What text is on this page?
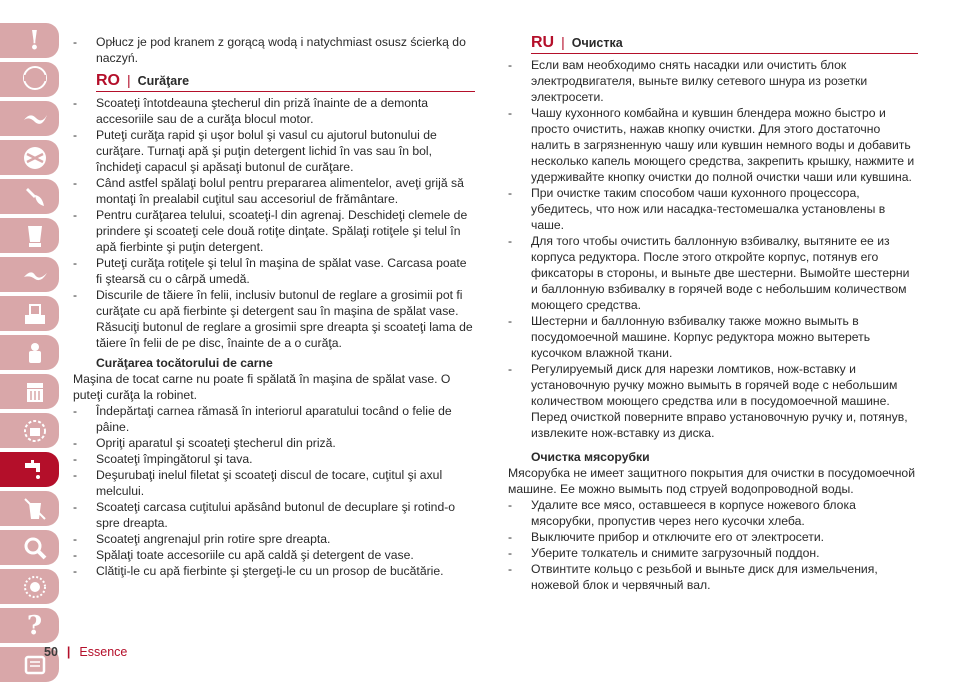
!
?
- Opłucz je pod kranem z gorącą wodą i natychmiast osusz ścierką do naczyń.
RO | Curăţare
- Scoateţi întotdeauna ştecherul din priză înainte de a demonta accesoriile sau de a curăţa blocul motor.
- Puteţi curăţa rapid şi uşor bolul şi vasul cu ajutorul butonului de curăţare. Turnaţi apă şi puţin detergent lichid în vas sau în bol, închideţi capacul şi apăsaţi butonul de curăţare.
- Când astfel spălaţi bolul pentru prepararea alimentelor, aveţi grijă să montaţi în prealabil cuţitul sau accesoriul de frământare.
- Pentru curăţarea telului, scoateţi-l din agrenaj. Deschideţi clemele de prindere şi scoateţi cele două rotiţe dinţate. Spălaţi rotiţele şi telul în apă fierbinte şi puţin detergent.
- Puteţi curăţa rotiţele şi telul în maşina de spălat vase. Carcasa poate fi ştearsă cu o cârpă umedă.
- Discurile de tăiere în felii, inclusiv butonul de reglare a grosimii pot fi curăţate cu apă fierbinte şi detergent sau în maşina de spălat vase. Răsuciţi butonul de reglare a grosimii spre dreapta şi scoateţi lama de tăiere în felii de pe disc, înainte de a o curăţa.
Curăţarea tocătorului de carne

Maşina de tocat carne nu poate fi spălată în maşina de spălat vase. O puteţi curăţa la robinet.

- Îndepărtaţi carnea rămasă în interiorul aparatului tocând o felie de pâine.
- Opriţi aparatul şi scoateţi ştecherul din priză.
- Scoateţi împingătorul şi tava.
- Deşurubaţi inelul filetat şi scoateţi discul de tocare, cuţitul şi axul melcului.
- Scoateţi carcasa cuţitului apăsând butonul de decuplare şi rotind-o spre dreapta.
- Scoateţi angrenajul prin rotire spre dreapta.
- Spălaţi toate accesoriile cu apă caldă şi detergent de vase.
- Clătiţi-le cu apă fierbinte şi ştergeţi-le cu un prosop de bucătărie.
RU | Очистка
- Если вам необходимо снять насадки или очистить блок электродвигателя, выньте вилку сетевого шнура из розетки электросети.
- Чашу кухонного комбайна и кувшин блендера можно быстро и просто очистить, нажав кнопку очистки. Для этого достаточно налить в загрязненную чашу или кувшин немного воды и добавить несколько капель моющего средства, закрепить крышку, нажмите и удерживайте кнопку очистки до полной очистки чаши или кувшина.
- При очистке таким способом чаши кухонного процессора, убедитесь, что нож или насадка-тестомешалка установлены в чаше.
- Для того чтобы очистить баллонную взбивалку, вытяните ее из корпуса редуктора. После этого откройте корпус, потянув его фиксаторы в стороны, и выньте две шестерни. Вымойте шестерни и баллонную взбивалку в горячей воде с небольшим количеством моющего средства.
- Шестерни и баллонную взбивалку также можно вымыть в посудомоечной машине. Корпус редуктора можно вытереть кусочком влажной ткани.
- Регулируемый диск для нарезки ломтиков, нож-вставку и установочную ручку можно вымыть в горячей воде с небольшим количеством моющего средства или в посудомоечной машине. Перед очисткой поверните вправо установочную ручку и, потянув, извлеките нож-вставку из диска.
Очистка мясорубки

Мясорубка не имеет защитного покрытия для очистки в посудомоечной машине. Ее можно вымыть под струей водопроводной воды.

- Удалите все мясо, оставшееся в корпусе ножевого блока мясорубки, пропустив через него кусочки хлеба.
- Выключите прибор и отключите его от электросети.
- Уберите толкатель и снимите загрузочный поддон.
- Отвинтите кольцо с резьбой и выньте диск для измельчения, ножевой блок и червячный вал.
50 | Essence
